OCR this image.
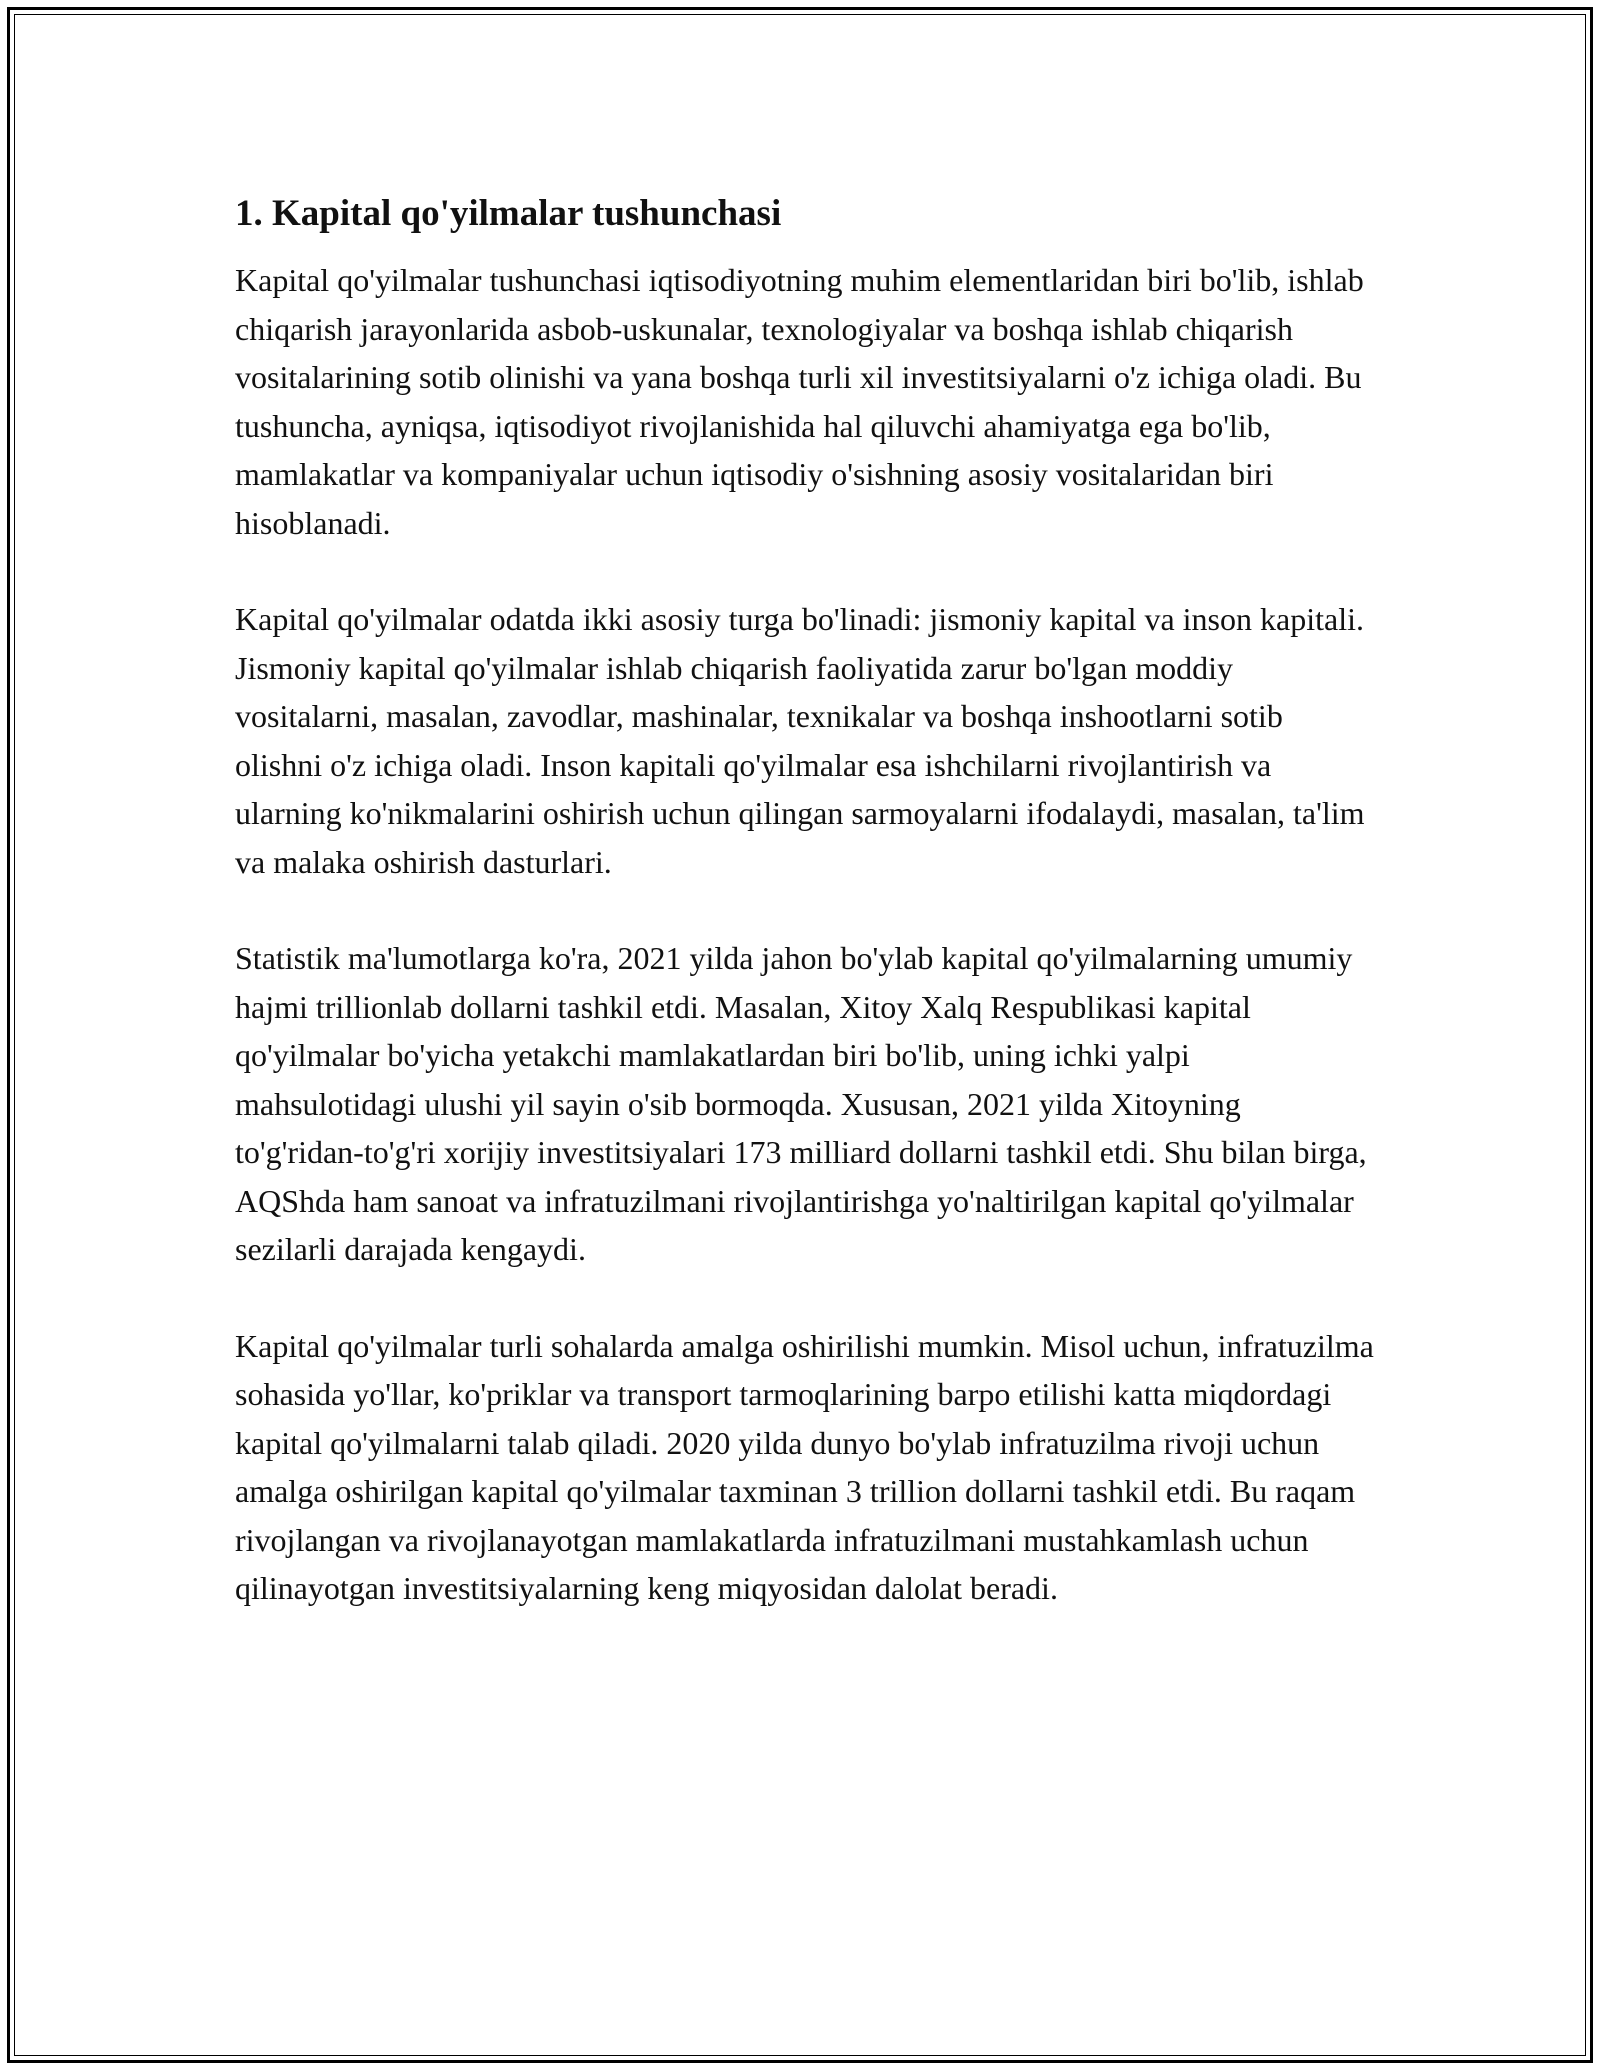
1. Kapital qo'yilmalar tushunchasi

Kapital qo'yilmalar tushunchasi iqtisodiyotning muhim elementlaridan biri bo'lib, ishlab chiqarish jarayonlarida asbob-uskunalar, texnologiyalar va boshqa ishlab chiqarish vositalarining sotib olinishi va yana boshqa turli xil investitsiyalarni o'z ichiga oladi. Bu tushuncha, ayniqsa, iqtisodiyot rivojlanishida hal qiluvchi ahamiyatga ega bo'lib, mamlakatlar va kompaniyalar uchun iqtisodiy o'sishning asosiy vositalaridan biri hisoblanadi.

Kapital qo'yilmalar odatda ikki asosiy turga bo'linadi: jismoniy kapital va inson kapitali. Jismoniy kapital qo'yilmalar ishlab chiqarish faoliyatida zarur bo'lgan moddiy vositalarni, masalan, zavodlar, mashinalar, texnikalar va boshqa inshootlarni sotib olishni o'z ichiga oladi. Inson kapitali qo'yilmalar esa ishchilarni rivojlantirish va ularning ko'nikmalarini oshirish uchun qilingan sarmoyalarni ifodalaydi, masalan, ta'lim va malaka oshirish dasturlari.

Statistik ma'lumotlarga ko'ra, 2021 yilda jahon bo'ylab kapital qo'yilmalarning umumiy hajmi trillionlab dollarni tashkil etdi. Masalan, Xitoy Xalq Respublikasi kapital qo'yilmalar bo'yicha yetakchi mamlakatlardan biri bo'lib, uning ichki yalpi mahsulotidagi ulushi yil sayin o'sib bormoqda. Xususan, 2021 yilda Xitoyning to'g'ridan-to'g'ri xorijiy investitsiyalari 173 milliard dollarni tashkil etdi. Shu bilan birga, AQShda ham sanoat va infratuzilmani rivojlantirishga yo'naltirilgan kapital qo'yilmalar sezilarli darajada kengaydi.

Kapital qo'yilmalar turli sohalarda amalga oshirilishi mumkin. Misol uchun, infratuzilma sohasida yo'llar, ko'priklar va transport tarmoqlarining barpo etilishi katta miqdordagi kapital qo'yilmalarni talab qiladi. 2020 yilda dunyo bo'ylab infratuzilma rivoji uchun amalga oshirilgan kapital qo'yilmalar taxminan 3 trillion dollarni tashkil etdi. Bu raqam rivojlangan va rivojlanayotgan mamlakatlarda infratuzilmani mustahkamlash uchun qilinayotgan investitsiyalarning keng miqyosidan dalolat beradi.
